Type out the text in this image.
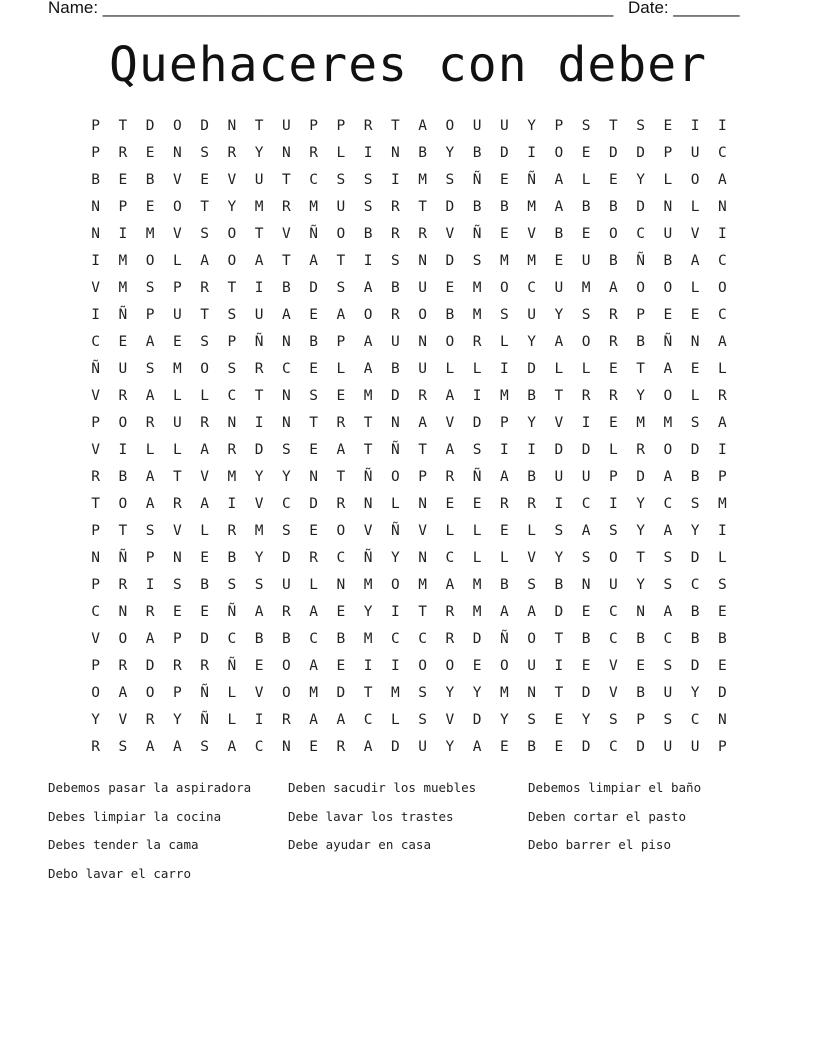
Name: ______________________________________________________ Date: _______
Quehaceres con deber
P	T	D	O	D	N	T	U	P	P	R	T	A	O	U	U	Y	P	S	T	S	E	I	I
P	R	E	N	S	R	Y	N	R	L	I	N	B	Y	B	D	I	O	E	D	D	P	U	C
B	E	B	V	E	V	U	T	C	S	S	I	M	S	Ñ	E	Ñ	A	L	E	Y	L	O	A
N	P	E	O	T	Y	M	R	M	U	S	R	T	D	B	B	M	A	B	B	D	N	L	N
N	I	M	V	S	O	T	V	Ñ	O	B	R	R	V	Ñ	E	V	B	E	O	C	U	V	I
I	M	O	L	A	O	A	T	A	T	I	S	N	D	S	M	M	E	U	B	Ñ	B	A	C
V	M	S	P	R	T	I	B	D	S	A	B	U	E	M	O	C	U	M	A	O	O	L	O
I	Ñ	P	U	T	S	U	A	E	A	O	R	O	B	M	S	U	Y	S	R	P	E	E	C
C	E	A	E	S	P	Ñ	N	B	P	A	U	N	O	R	L	Y	A	O	R	B	Ñ	N	A
Ñ	U	S	M	O	S	R	C	E	L	A	B	U	L	L	I	D	L	L	E	T	A	E	L
V	R	A	L	L	C	T	N	S	E	M	D	R	A	I	M	B	T	R	R	Y	O	L	R
P	O	R	U	R	N	I	N	T	R	T	N	A	V	D	P	Y	V	I	E	M	M	S	A
V	I	L	L	A	R	D	S	E	A	T	Ñ	T	A	S	I	I	D	D	L	R	O	D	I
R	B	A	T	V	M	Y	Y	N	T	Ñ	O	P	R	Ñ	A	B	U	U	P	D	A	B	P
T	O	A	R	A	I	V	C	D	R	N	L	N	E	E	R	R	I	C	I	Y	C	S	M
P	T	S	V	L	R	M	S	E	O	V	Ñ	V	L	L	E	L	S	A	S	Y	A	Y	I
N	Ñ	P	N	E	B	Y	D	R	C	Ñ	Y	N	C	L	L	V	Y	S	O	T	S	D	L
P	R	I	S	B	S	S	U	L	N	M	O	M	A	M	B	S	B	N	U	Y	S	C	S
C	N	R	E	E	Ñ	A	R	A	E	Y	I	T	R	M	A	A	D	E	C	N	A	B	E
V	O	A	P	D	C	B	B	C	B	M	C	C	R	D	Ñ	O	T	B	C	B	C	B	B
P	R	D	R	R	Ñ	E	O	A	E	I	I	O	O	E	O	U	I	E	V	E	S	D	E
O	A	O	P	Ñ	L	V	O	M	D	T	M	S	Y	Y	M	N	T	D	V	B	U	Y	D
Y	V	R	Y	Ñ	L	I	R	A	A	C	L	S	V	D	Y	S	E	Y	S	P	S	C	N
R	S	A	A	S	A	C	N	E	R	A	D	U	Y	A	E	B	E	D	C	D	U	U	P
Debemos pasar la aspiradora	Deben sacudir los muebles	Debemos limpiar el baño
Debes limpiar la cocina	Debe lavar los trastes	Deben cortar el pasto
Debes tender la cama	Debe ayudar en casa	Debo barrer el piso
Debo lavar el carro
